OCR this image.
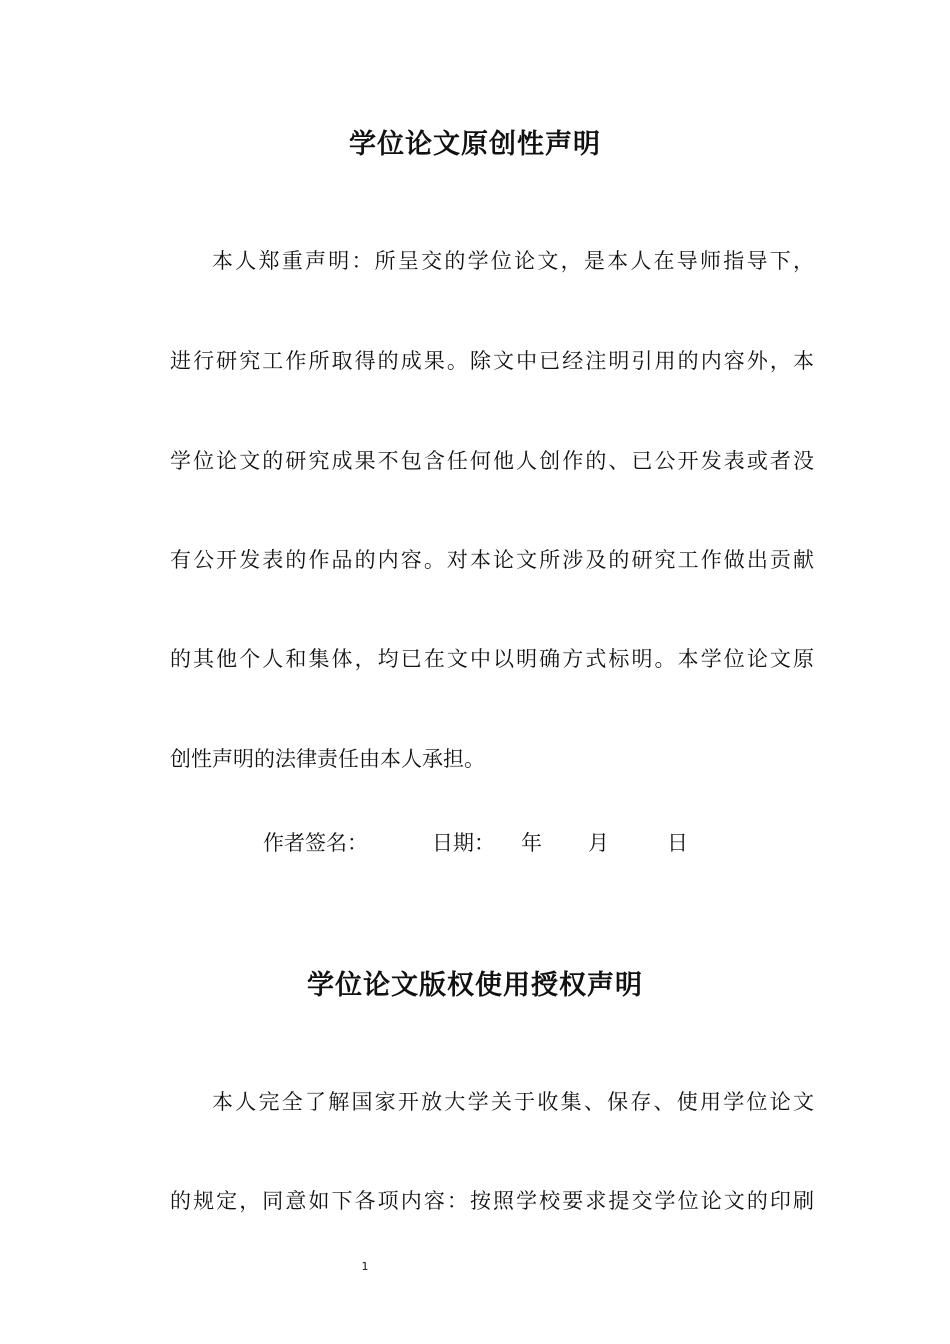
学位论文原创性声明
本人郑重声明：所呈交的学位论文，是本人在导师指导下，
进行研究工作所取得的成果。除文中已经注明引用的内容外，本
学位论文的研究成果不包含任何他人创作的、已公开发表或者没
有公开发表的作品的内容。对本论文所涉及的研究工作做出贡献
的其他个人和集体，均已在文中以明确方式标明。本学位论文原
创性声明的法律责任由本人承担。
作者签名：	日期： 年 月	日
学位论文版权使用授权声明
本人完全了解国家开放大学关于收集、保存、使用学位论文
的规定，同意如下各项内容：按照学校要求提交学位论文的印刷
1
